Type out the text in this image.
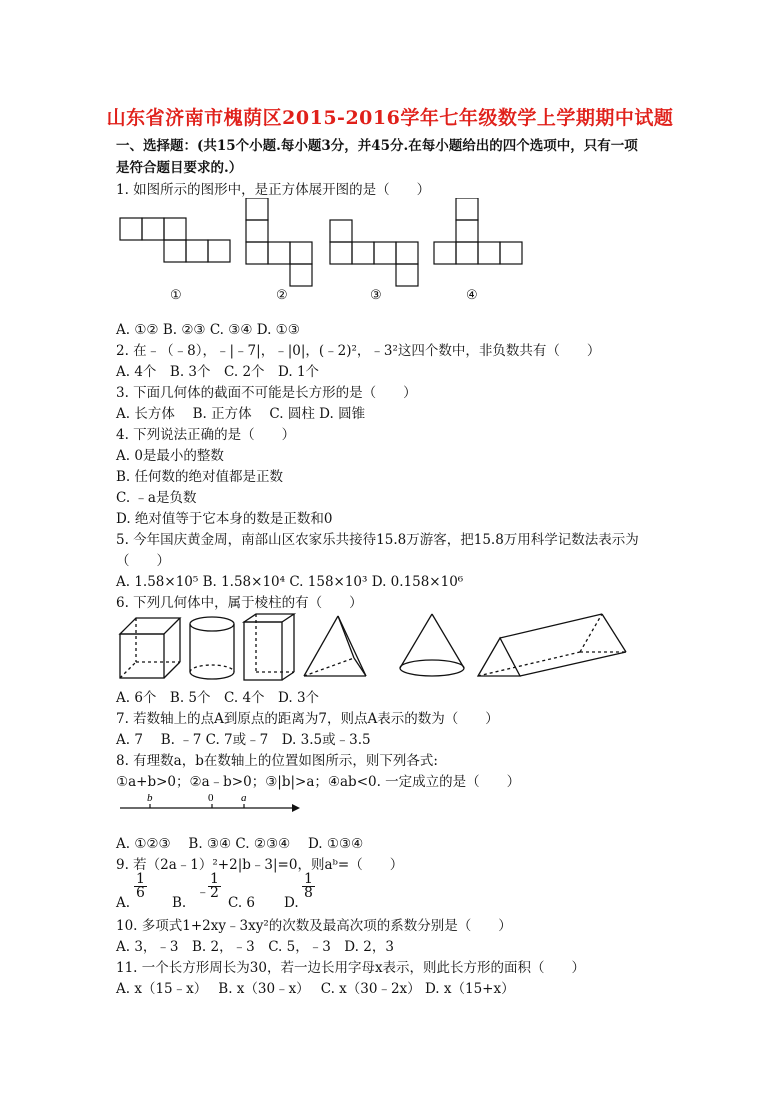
山东省济南市槐荫区2015-2016学年七年级数学上学期期中试题
一、选择题：(共15个小题.每小题3分，并45分.在每小题给出的四个选项中，只有一项
是符合题目要求的.）
1. 如图所示的图形中，是正方体展开图的是（　　）
①	②	③	④
A. ①② B. ②③ C. ③④ D. ①③
2. 在﹣（﹣8），﹣|﹣7|，﹣|0|，(﹣2)²，﹣3²这四个数中，非负数共有（　　）
A. 4个　B. 3个　C. 2个　D. 1个
3. 下面几何体的截面不可能是长方形的是（　　）
A. 长方体　 B. 正方体　 C. 圆柱 D. 圆锥
4. 下列说法正确的是（　　）
A. 0是最小的整数
B. 任何数的绝对值都是正数
C. ﹣a是负数
D. 绝对值等于它本身的数是正数和0
5. 今年国庆黄金周，南部山区农家乐共接待15.8万游客，把15.8万用科学记数法表示为
（　　）
A. 1.58×10⁵ B. 1.58×10⁴ C. 158×10³ D. 0.158×10⁶
6. 下列几何体中，属于棱柱的有（　　）
A. 6个　B. 5个　C. 4个　D. 3个
7. 若数轴上的点A到原点的距离为7，则点A表示的数为（　　）
A. 7　 B. ﹣7 C. 7或﹣7　D. 3.5或﹣3.5
8. 有理数a，b在数轴上的位置如图所示，则下列各式:
①a+b>0；②a﹣b>0；③|b|>a；④ab<0. 一定成立的是（　　）
b	0	a
A. ①②③　 B. ③④ C. ②③④　 D. ①③④
9. 若（2a﹣1）²+2|b﹣3|=0，则aᵇ=（　　）
A.
$\frac{1}{6}$
B.
﹣
$\frac{1}{2}$
C. 6 D.
$\frac{1}{8}$
10. 多项式1+2xy﹣3xy²的次数及最高次项的系数分别是（　　）
A. 3，﹣3　B. 2，﹣3　C. 5，﹣3　D. 2，3
11. 一个长方形周长为30，若一边长用字母x表示，则此长方形的面积（　　）
A. x（15﹣x）　 B. x（30﹣x）　 C. x（30﹣2x） D. x（15+x）
